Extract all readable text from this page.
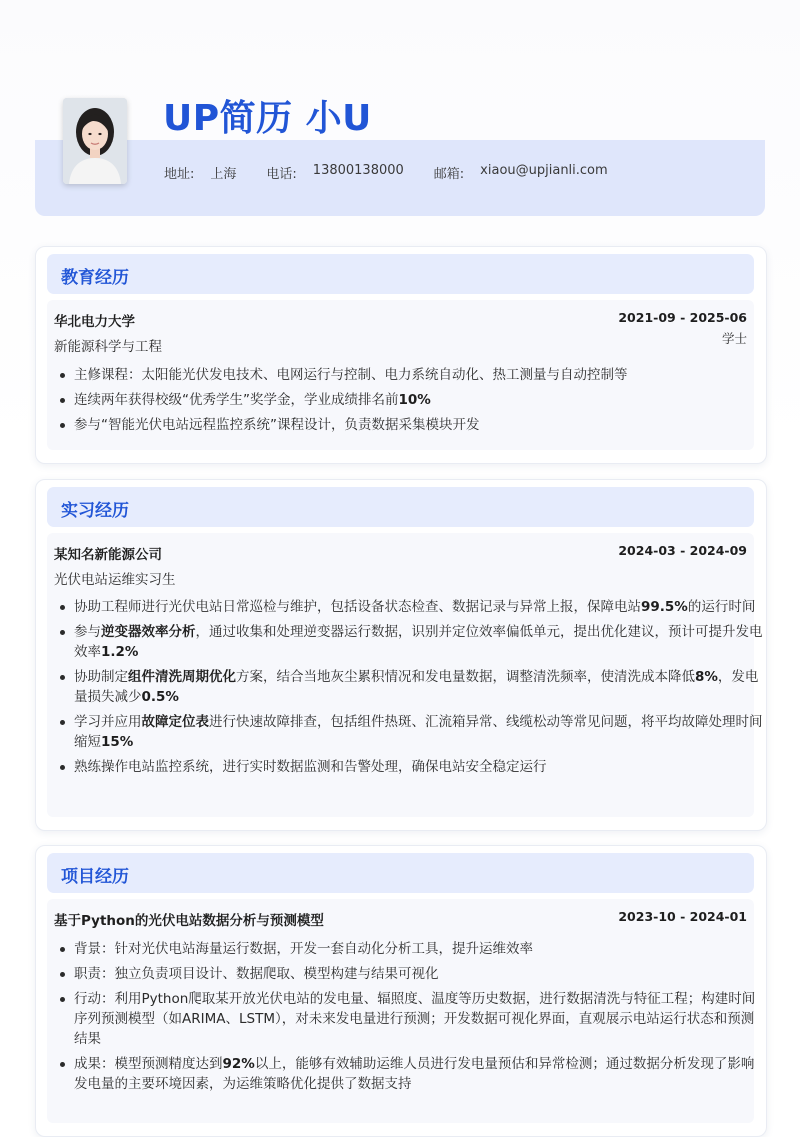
UP简历 小U
地址: 上海 电话: 13800138000 邮箱: xiaou@upjianli.com
教育经历
华北电力大学	2021-09 - 2025-06
新能源科学与工程
学士
主修课程：太阳能光伏发电技术、电网运行与控制、电力系统自动化、热工测量与自动控制等
连续两年获得校级“优秀学生”奖学金，学业成绩排名前10%
参与“智能光伏电站远程监控系统”课程设计，负责数据采集模块开发
实习经历
某知名新能源公司	2024-03 - 2024-09
光伏电站运维实习生
协助工程师进行光伏电站日常巡检与维护，包括设备状态检查、数据记录与异常上报，保障电站99.5%的运行时间
参与逆变器效率分析，通过收集和处理逆变器运行数据，识别并定位效率偏低单元，提出优化建议，预计可提升发电效率1.2%
协助制定组件清洗周期优化方案，结合当地灰尘累积情况和发电量数据，调整清洗频率，使清洗成本降低8%，发电量损失减少0.5%
学习并应用故障定位表进行快速故障排查，包括组件热斑、汇流箱异常、线缆松动等常见问题，将平均故障处理时间缩短15%
熟练操作电站监控系统，进行实时数据监测和告警处理，确保电站安全稳定运行
项目经历
基于Python的光伏电站数据分析与预测模型	2023-10 - 2024-01
背景：针对光伏电站海量运行数据，开发一套自动化分析工具，提升运维效率
职责：独立负责项目设计、数据爬取、模型构建与结果可视化
行动：利用Python爬取某开放光伏电站的发电量、辐照度、温度等历史数据，进行数据清洗与特征工程；构建时间序列预测模型（如ARIMA、LSTM），对未来发电量进行预测；开发数据可视化界面，直观展示电站运行状态和预测结果
成果：模型预测精度达到92%以上，能够有效辅助运维人员进行发电量预估和异常检测；通过数据分析发现了影响发电量的主要环境因素，为运维策略优化提供了数据支持
